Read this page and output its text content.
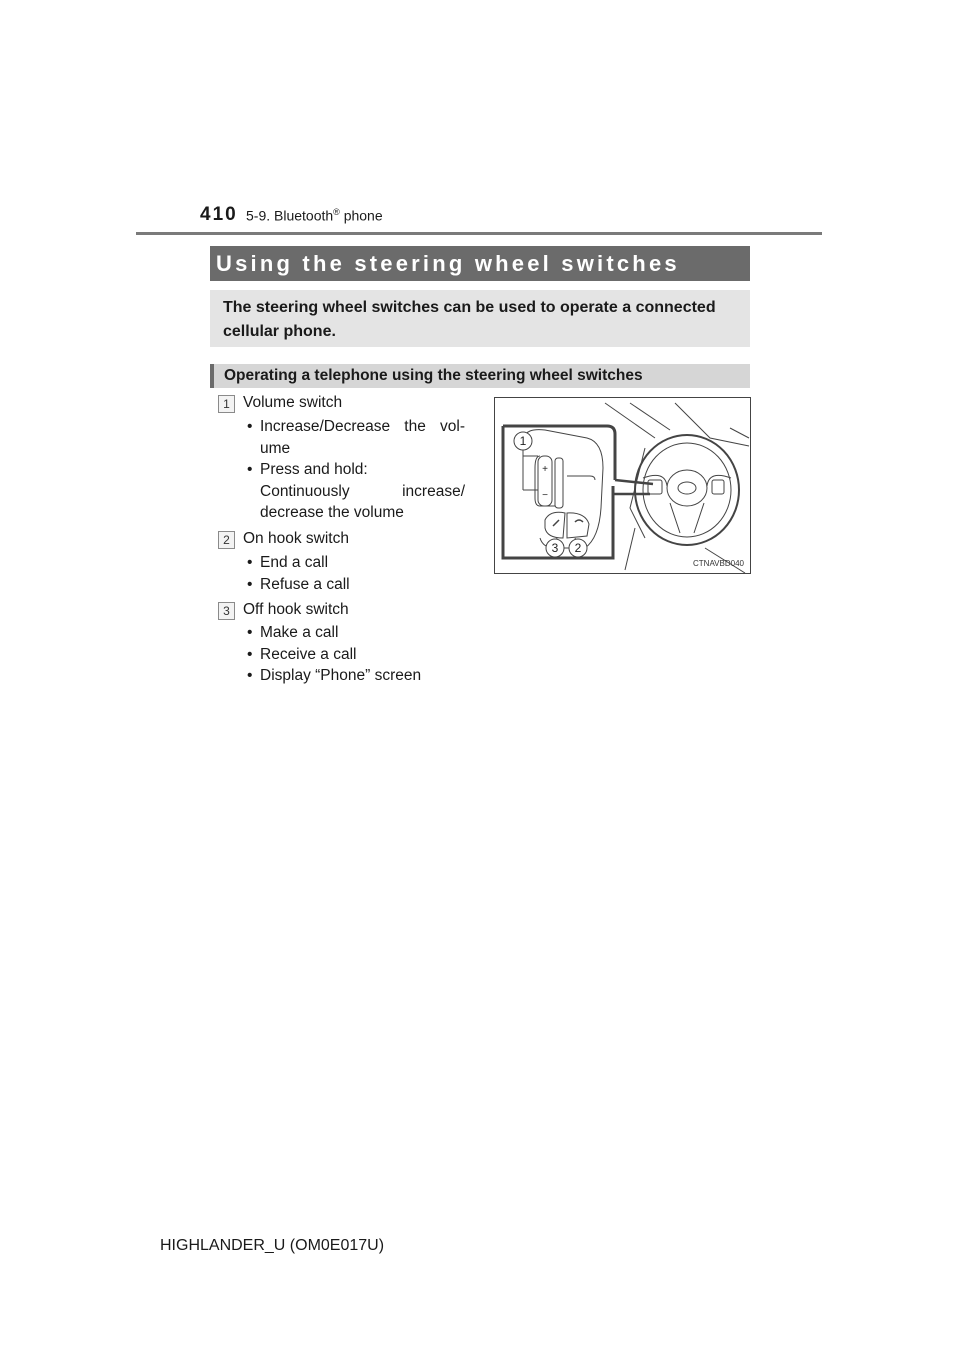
410 5-9. Bluetooth® phone
Using the steering wheel switches
The steering wheel switches can be used to operate a connected cellular phone.
Operating a telephone using the steering wheel switches
1 Volume switch
• Increase/Decrease the vol-
ume
• Press and hold:
Continuously increase/
decrease the volume
2 On hook switch
• End a call
• Refuse a call
3 Off hook switch
• Make a call
• Receive a call
• Display “Phone” screen
+
−
1
3 2
CTNAVBD040
HIGHLANDER_U (OM0E017U)
